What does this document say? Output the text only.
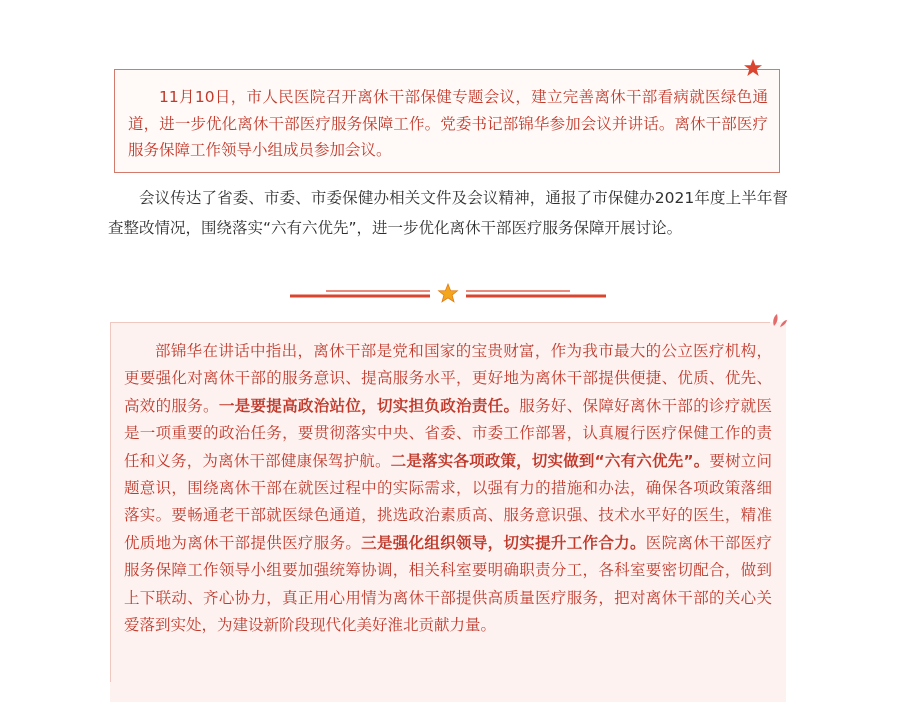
11月10日，市人民医院召开离休干部保健专题会议，建立完善离休干部看病就医绿色通道，进一步优化离休干部医疗服务保障工作。党委书记部锦华参加会议并讲话。离休干部医疗服务保障工作领导小组成员参加会议。

会议传达了省委、市委、市委保健办相关文件及会议精神，通报了市保健办2021年度上半年督查整改情况，围绕落实“六有六优先”，进一步优化离休干部医疗服务保障开展讨论。

部锦华在讲话中指出，离休干部是党和国家的宝贵财富，作为我市最大的公立医疗机构，更要强化对离休干部的服务意识、提高服务水平，更好地为离休干部提供便捷、优质、优先、高效的服务。一是要提高政治站位，切实担负政治责任。服务好、保障好离休干部的诊疗就医是一项重要的政治任务，要贯彻落实中央、省委、市委工作部署，认真履行医疗保健工作的责任和义务，为离休干部健康保驾护航。二是落实各项政策，切实做到“六有六优先”。要树立问题意识，围绕离休干部在就医过程中的实际需求，以强有力的措施和办法，确保各项政策落细落实。要畅通老干部就医绿色通道，挑选政治素质高、服务意识强、技术水平好的医生，精准优质地为离休干部提供医疗服务。三是强化组织领导，切实提升工作合力。医院离休干部医疗服务保障工作领导小组要加强统筹协调，相关科室要明确职责分工，各科室要密切配合，做到上下联动、齐心协力，真正用心用情为离休干部提供高质量医疗服务，把对离休干部的关心关爱落到实处，为建设新阶段现代化美好淮北贡献力量。
